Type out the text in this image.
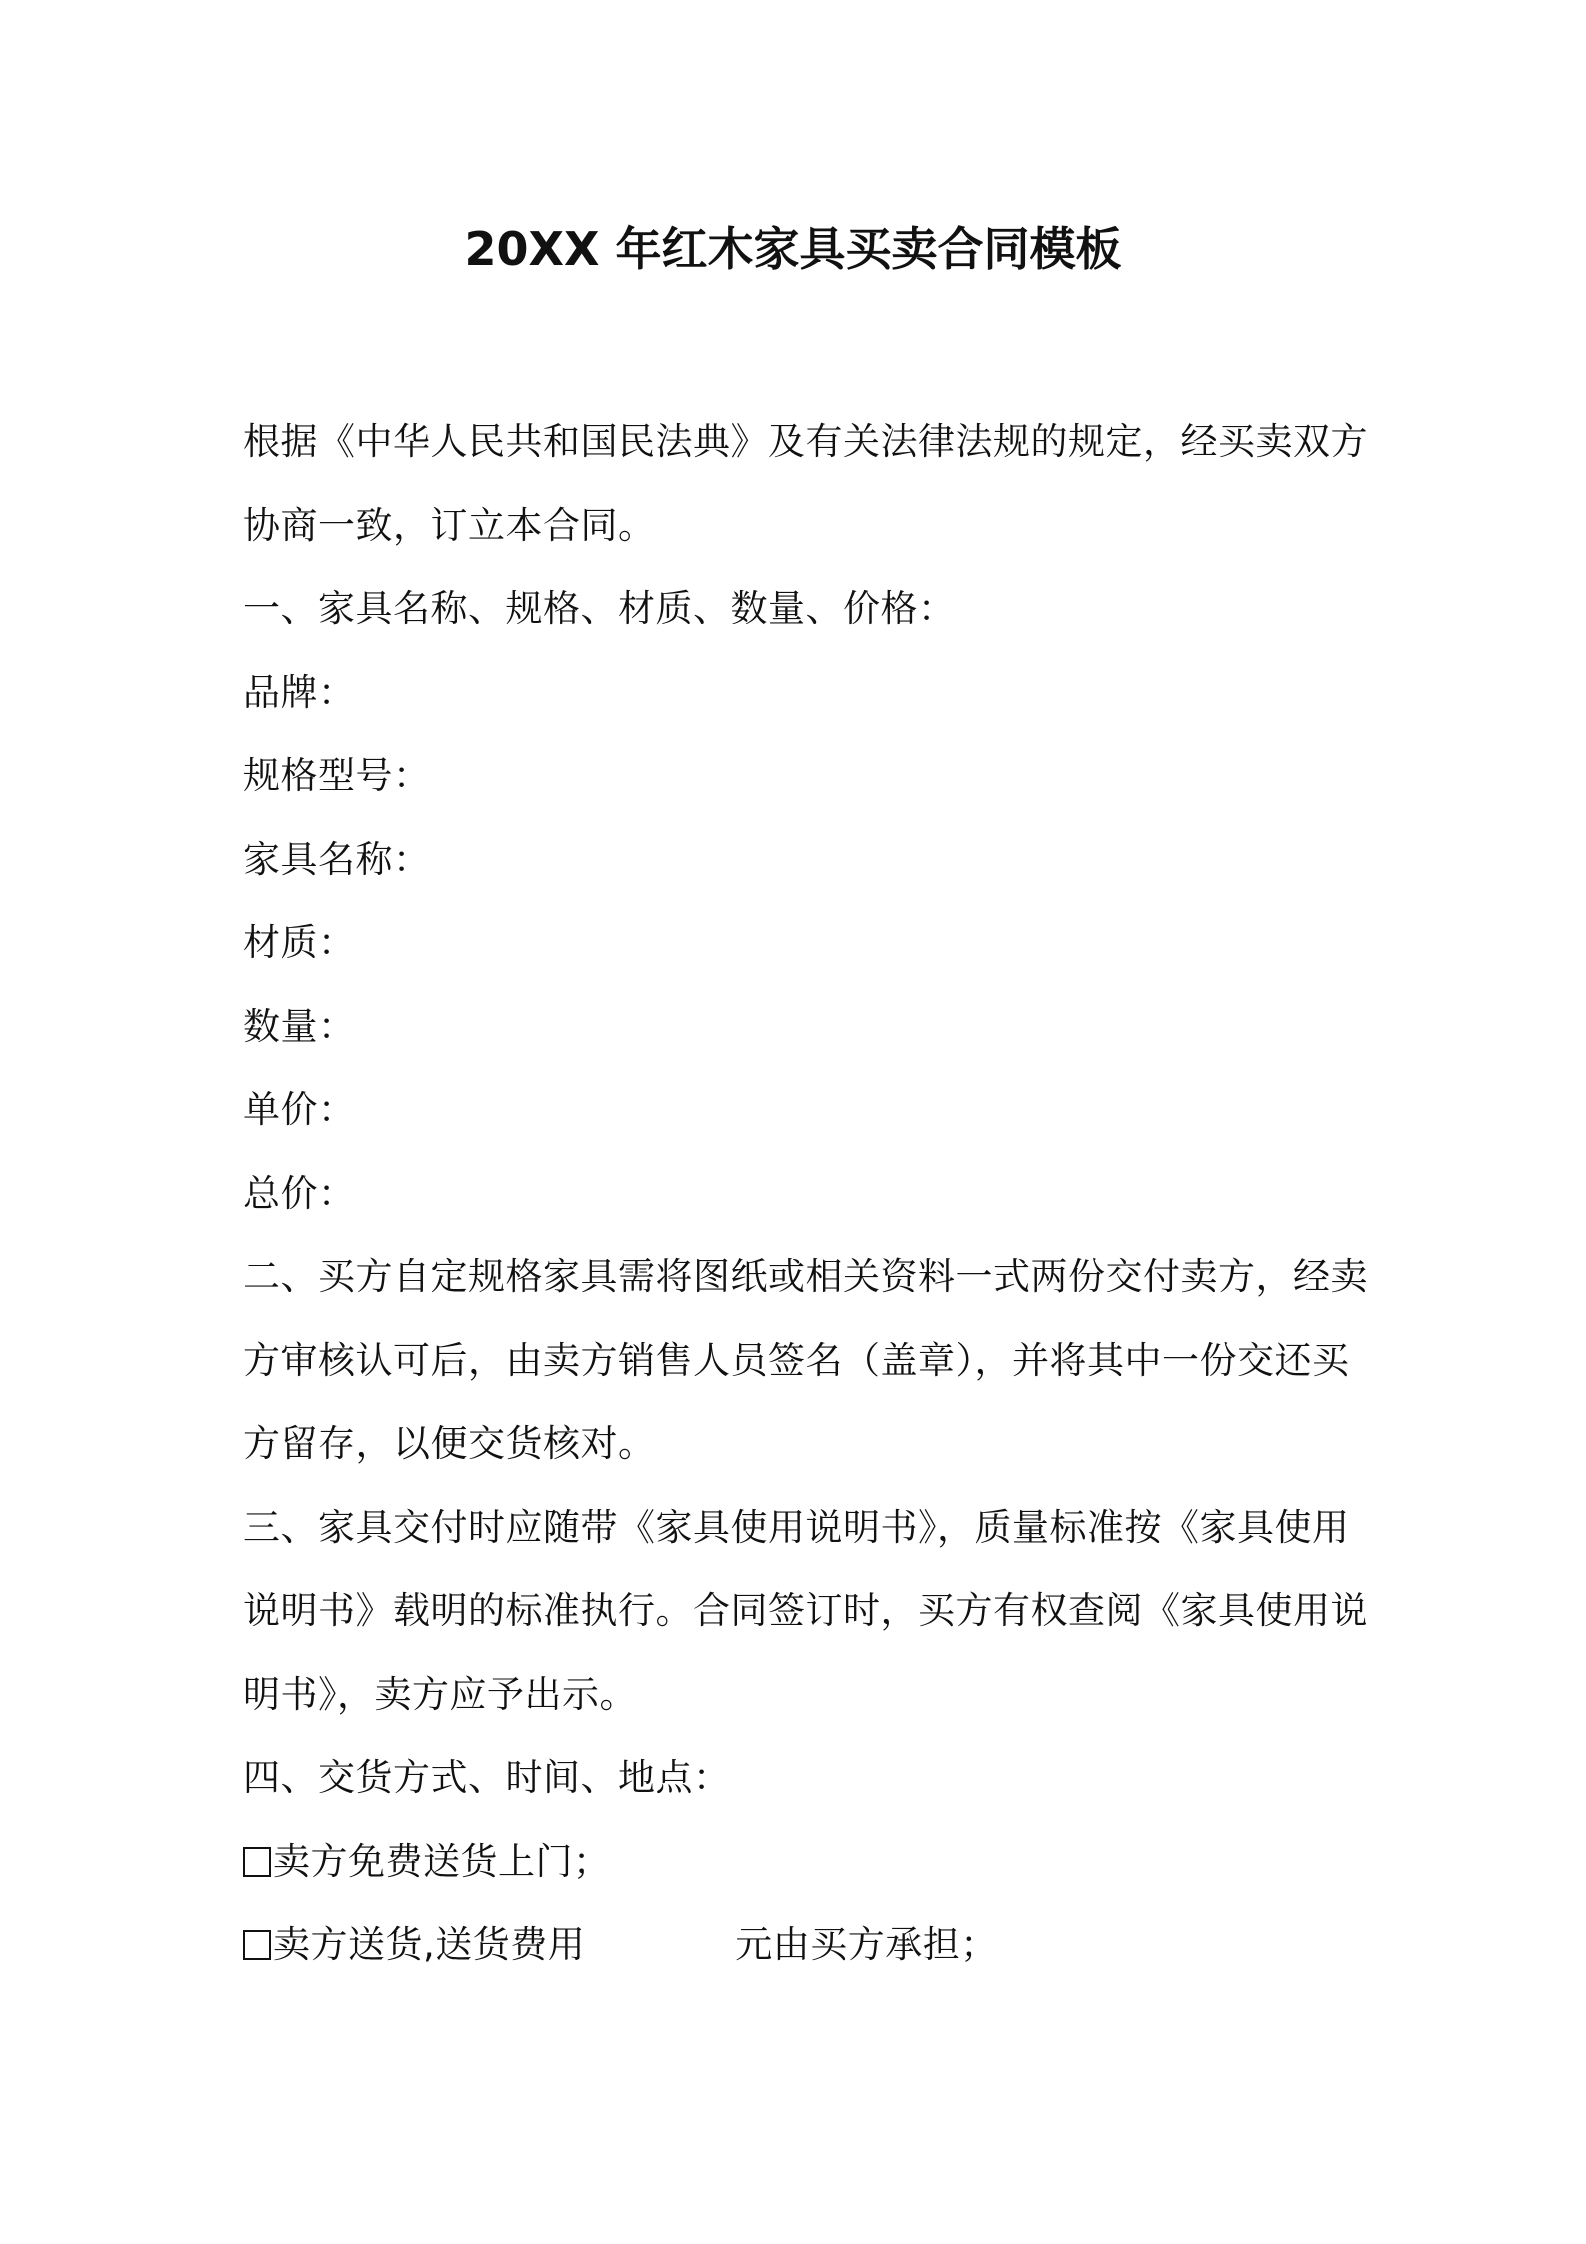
20XX 年红木家具买卖合同模板
根据《中华人民共和国民法典》及有关法律法规的规定，经买卖双方
协商一致，订立本合同。
一、家具名称、规格、材质、数量、价格：
品牌：
规格型号：
家具名称：
材质：
数量：
单价：
总价：
二、买方自定规格家具需将图纸或相关资料一式两份交付卖方，经卖
方审核认可后，由卖方销售人员签名（盖章），并将其中一份交还买
方留存，以便交货核对。
三、家具交付时应随带《家具使用说明书》，质量标准按《家具使用
说明书》载明的标准执行。合同签订时，买方有权查阅《家具使用说
明书》，卖方应予出示。
四、交货方式、时间、地点：
卖方免费送货上门；
卖方送货,送货费用	元由买方承担；
